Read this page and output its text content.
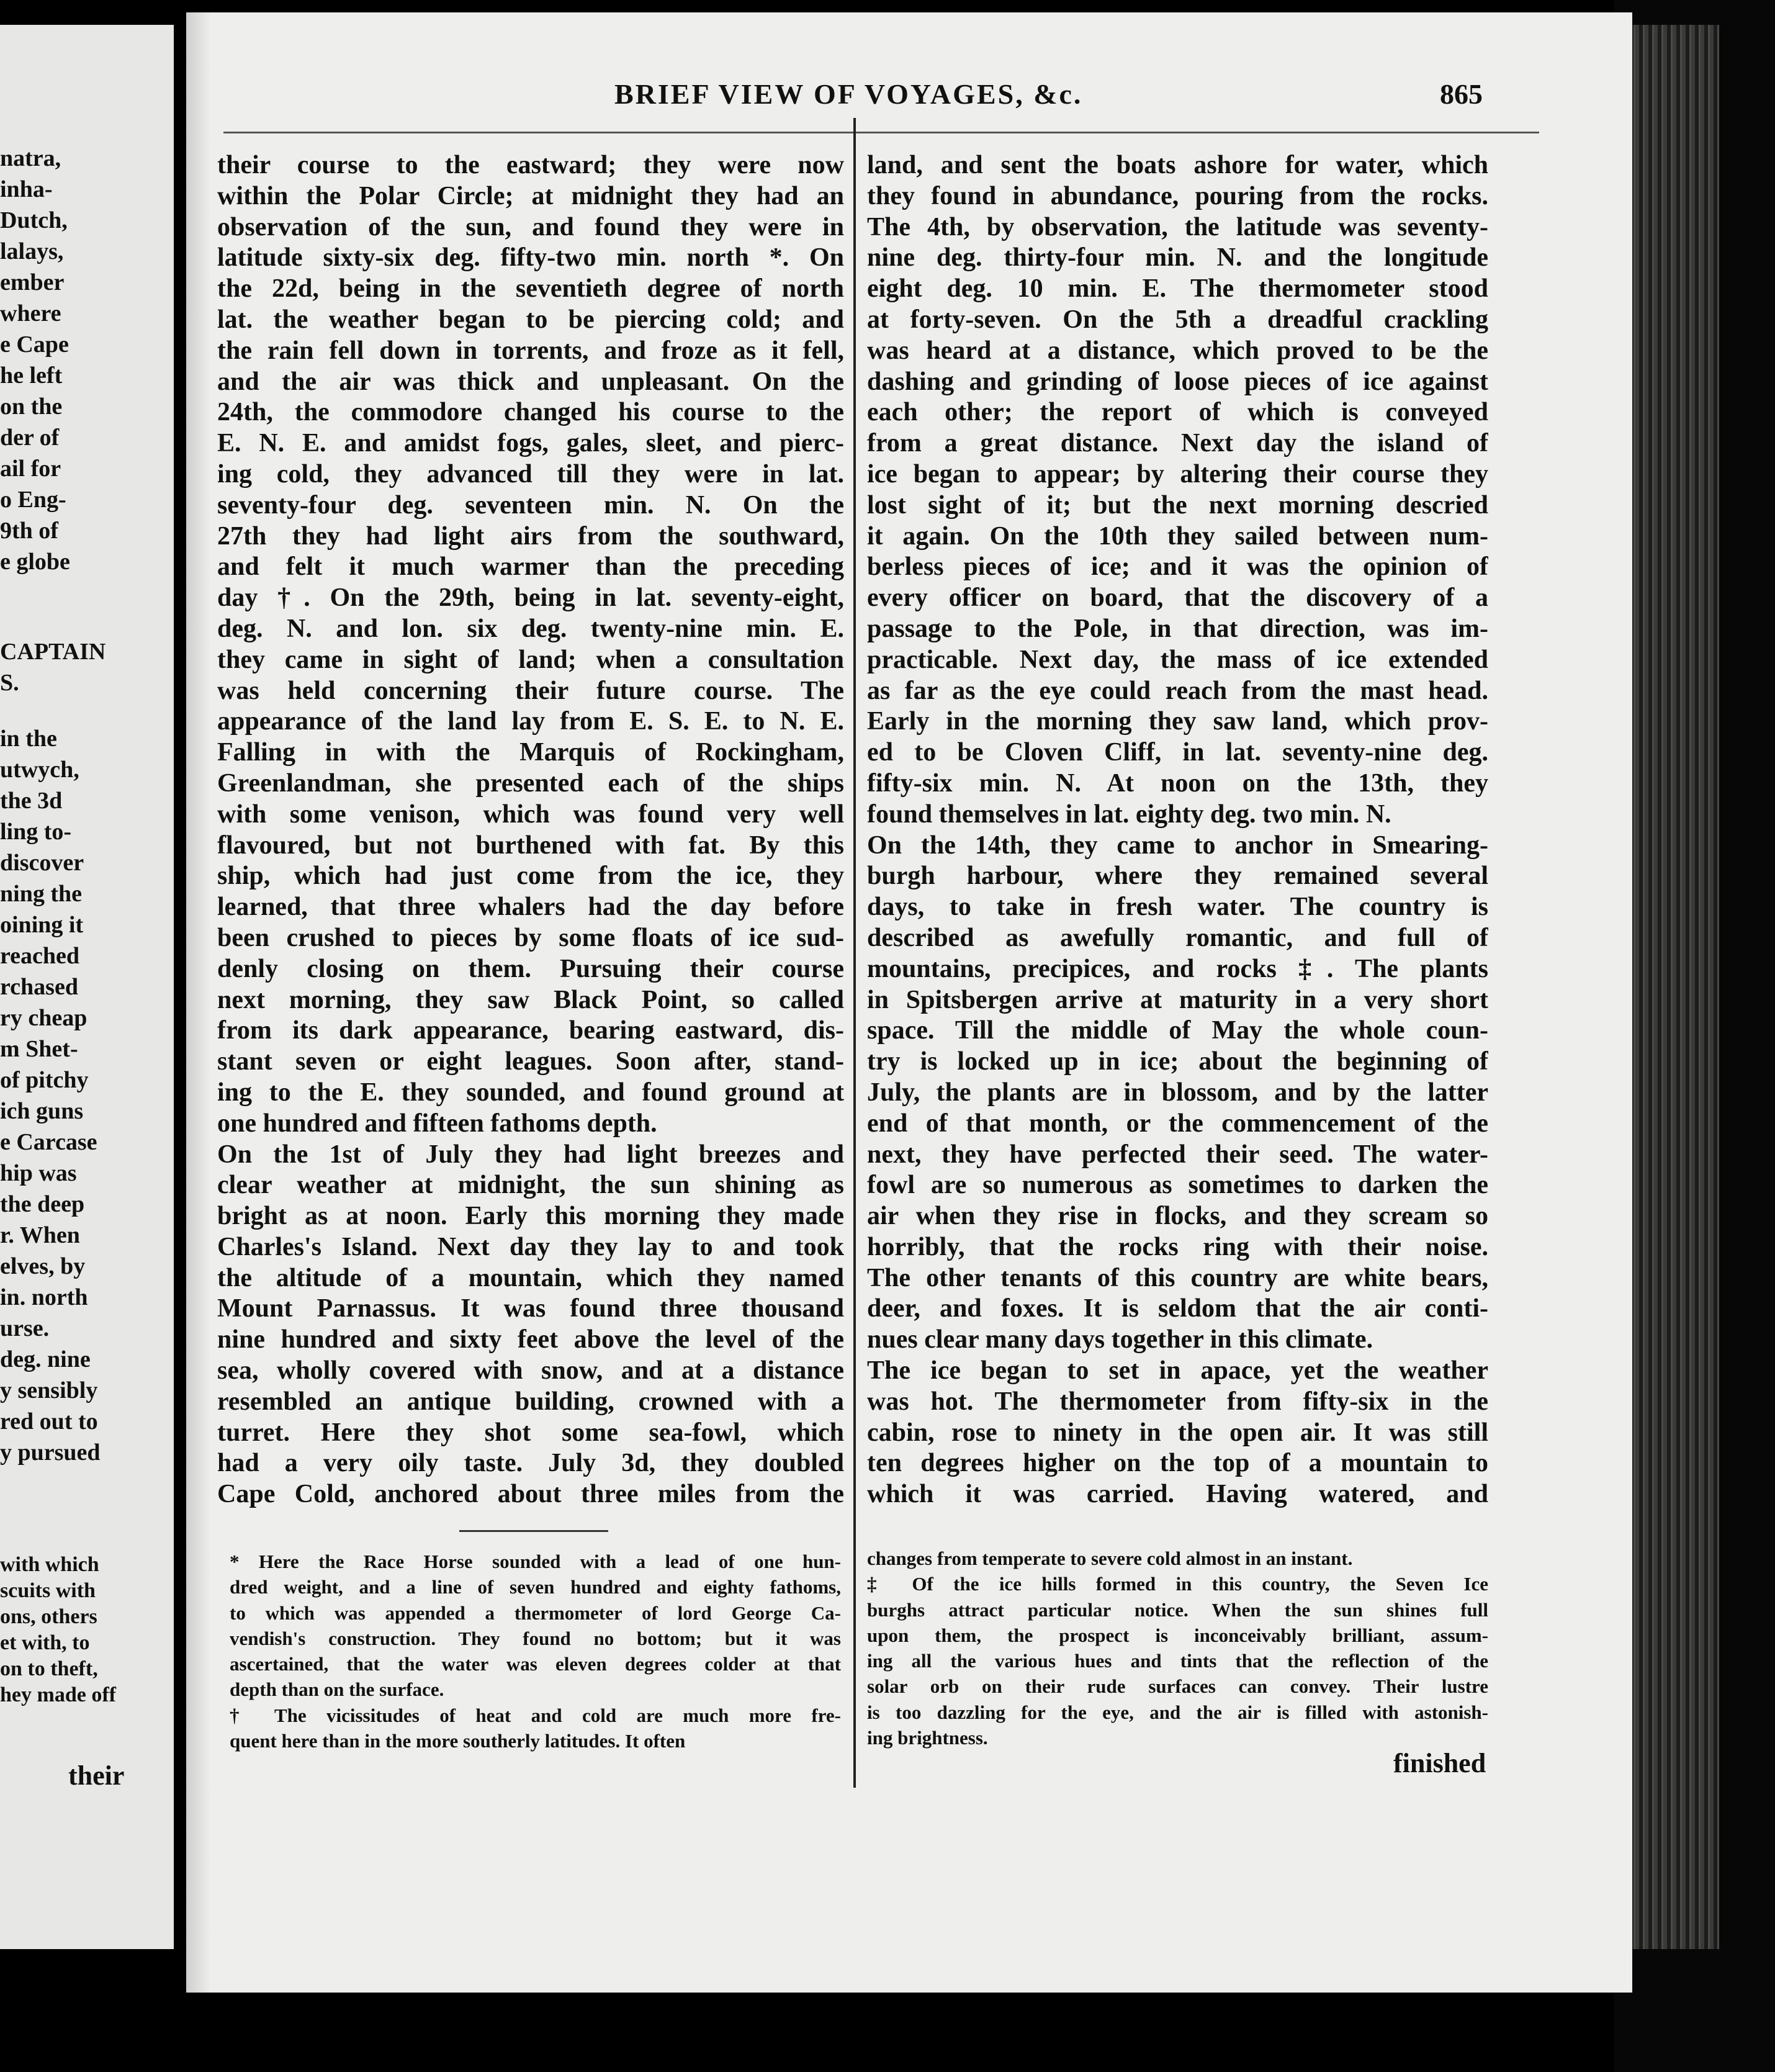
natra,
inha-
Dutch,
lalays,
ember
where
e Cape
he left
on the
der of
ail for
o Eng-
9th of
e globe
CAPTAIN
S.
in the
utwych,
the 3d
ling to-
discover
ning the
oining it
reached
rchased
ry cheap
m Shet-
of pitchy
ich guns
e Carcase
hip was
the deep
r. When
elves, by
in. north
urse.
deg. nine
y sensibly
red out to
y pursued
with which
scuits with
ons, others
et with, to
on to theft,
hey made off
their
BRIEF VIEW OF VOYAGES, &c.	865
their course to the eastward; they were now
within the Polar Circle; at midnight they had an
observation of the sun, and found they were in
latitude sixty-six deg. fifty-two min. north *. On
the 22d, being in the seventieth degree of north
lat. the weather began to be piercing cold; and
the rain fell down in torrents, and froze as it fell,
and the air was thick and unpleasant. On the
24th, the commodore changed his course to the
E. N. E. and amidst fogs, gales, sleet, and pierc-
ing cold, they advanced till they were in lat.
seventy-four deg. seventeen min. N. On the
27th they had light airs from the southward,
and felt it much warmer than the preceding
day †. On the 29th, being in lat. seventy-eight,
deg. N. and lon. six deg. twenty-nine min. E.
they came in sight of land; when a consultation
was held concerning their future course. The
appearance of the land lay from E. S. E. to N. E.
Falling in with the Marquis of Rockingham,
Greenlandman, she presented each of the ships
with some venison, which was found very well
flavoured, but not burthened with fat. By this
ship, which had just come from the ice, they
learned, that three whalers had the day before
been crushed to pieces by some floats of ice sud-
denly closing on them. Pursuing their course
next morning, they saw Black Point, so called
from its dark appearance, bearing eastward, dis-
stant seven or eight leagues. Soon after, stand-
ing to the E. they sounded, and found ground at
one hundred and fifteen fathoms depth.
On the 1st of July they had light breezes and
clear weather at midnight, the sun shining as
bright as at noon. Early this morning they made
Charles's Island. Next day they lay to and took
the altitude of a mountain, which they named
Mount Parnassus. It was found three thousand
nine hundred and sixty feet above the level of the
sea, wholly covered with snow, and at a distance
resembled an antique building, crowned with a
turret. Here they shot some sea-fowl, which
had a very oily taste. July 3d, they doubled
Cape Cold, anchored about three miles from the
land, and sent the boats ashore for water, which
they found in abundance, pouring from the rocks.
The 4th, by observation, the latitude was seventy-
nine deg. thirty-four min. N. and the longitude
eight deg. 10 min. E. The thermometer stood
at forty-seven. On the 5th a dreadful crackling
was heard at a distance, which proved to be the
dashing and grinding of loose pieces of ice against
each other; the report of which is conveyed
from a great distance. Next day the island of
ice began to appear; by altering their course they
lost sight of it; but the next morning descried
it again. On the 10th they sailed between num-
berless pieces of ice; and it was the opinion of
every officer on board, that the discovery of a
passage to the Pole, in that direction, was im-
practicable. Next day, the mass of ice extended
as far as the eye could reach from the mast head.
Early in the morning they saw land, which prov-
ed to be Cloven Cliff, in lat. seventy-nine deg.
fifty-six min. N. At noon on the 13th, they
found themselves in lat. eighty deg. two min. N.
On the 14th, they came to anchor in Smearing-
burgh harbour, where they remained several
days, to take in fresh water. The country is
described as awefully romantic, and full of
mountains, precipices, and rocks ‡. The plants
in Spitsbergen arrive at maturity in a very short
space. Till the middle of May the whole coun-
try is locked up in ice; about the beginning of
July, the plants are in blossom, and by the latter
end of that month, or the commencement of the
next, they have perfected their seed. The water-
fowl are so numerous as sometimes to darken the
air when they rise in flocks, and they scream so
horribly, that the rocks ring with their noise.
The other tenants of this country are white bears,
deer, and foxes. It is seldom that the air conti-
nues clear many days together in this climate.
The ice began to set in apace, yet the weather
was hot. The thermometer from fifty-six in the
cabin, rose to ninety in the open air. It was still
ten degrees higher on the top of a mountain to
which it was carried. Having watered, and
* Here the Race Horse sounded with a lead of one hun-
dred weight, and a line of seven hundred and eighty fathoms,
to which was appended a thermometer of lord George Ca-
vendish's construction. They found no bottom; but it was
ascertained, that the water was eleven degrees colder at that
depth than on the surface.
† The vicissitudes of heat and cold are much more fre-
quent here than in the more southerly latitudes. It often
changes from temperate to severe cold almost in an instant.
‡ Of the ice hills formed in this country, the Seven Ice
burghs attract particular notice. When the sun shines full
upon them, the prospect is inconceivably brilliant, assum-
ing all the various hues and tints that the reflection of the
solar orb on their rude surfaces can convey. Their lustre
is too dazzling for the eye, and the air is filled with astonish-
ing brightness.
finished
